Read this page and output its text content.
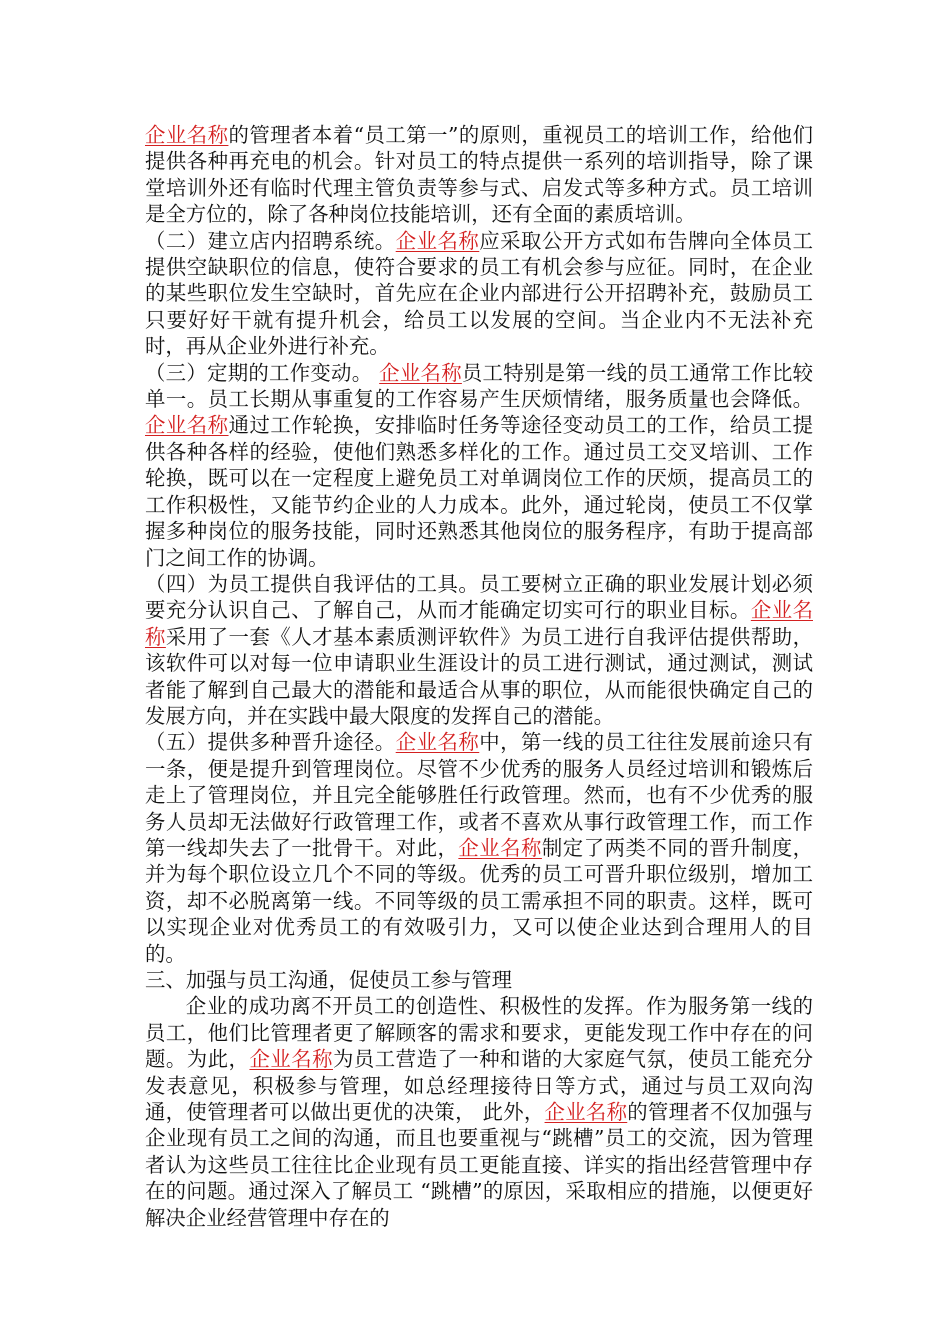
企业名称的管理者本着“员工第一”的原则，重视员工的培训工作，给他们提供各种再充电的机会。针对员工的特点提供一系列的培训指导，除了课堂培训外还有临时代理主管负责等参与式、启发式等多种方式。员工培训是全方位的，除了各种岗位技能培训，还有全面的素质培训。

（二）建立店内招聘系统。企业名称应采取公开方式如布告牌向全体员工提供空缺职位的信息，使符合要求的员工有机会参与应征。同时，在企业的某些职位发生空缺时，首先应在企业内部进行公开招聘补充，鼓励员工只要好好干就有提升机会，给员工以发展的空间。当企业内不无法补充时，再从企业外进行补充。

（三）定期的工作变动。 企业名称员工特别是第一线的员工通常工作比较单一。员工长期从事重复的工作容易产生厌烦情绪，服务质量也会降低。企业名称通过工作轮换，安排临时任务等途径变动员工的工作，给员工提供各种各样的经验，使他们熟悉多样化的工作。通过员工交叉培训、工作轮换，既可以在一定程度上避免员工对单调岗位工作的厌烦，提高员工的工作积极性，又能节约企业的人力成本。此外，通过轮岗，使员工不仅掌握多种岗位的服务技能，同时还熟悉其他岗位的服务程序，有助于提高部门之间工作的协调。

（四）为员工提供自我评估的工具。员工要树立正确的职业发展计划必须要充分认识自己、了解自己，从而才能确定切实可行的职业目标。企业名称采用了一套《人才基本素质测评软件》为员工进行自我评估提供帮助，该软件可以对每一位申请职业生涯设计的员工进行测试，通过测试，测试者能了解到自己最大的潜能和最适合从事的职位，从而能很快确定自己的发展方向，并在实践中最大限度的发挥自己的潜能。

（五）提供多种晋升途径。企业名称中，第一线的员工往往发展前途只有一条，便是提升到管理岗位。尽管不少优秀的服务人员经过培训和锻炼后走上了管理岗位，并且完全能够胜任行政管理。然而，也有不少优秀的服务人员却无法做好行政管理工作，或者不喜欢从事行政管理工作，而工作第一线却失去了一批骨干。对此，企业名称制定了两类不同的晋升制度，并为每个职位设立几个不同的等级。优秀的员工可晋升职位级别，增加工资，却不必脱离第一线。不同等级的员工需承担不同的职责。这样，既可以实现企业对优秀员工的有效吸引力，又可以使企业达到合理用人的目的。

三、加强与员工沟通，促使员工参与管理

企业的成功离不开员工的创造性、积极性的发挥。作为服务第一线的员工，他们比管理者更了解顾客的需求和要求，更能发现工作中存在的问题。为此，企业名称为员工营造了一种和谐的大家庭气氛，使员工能充分发表意见，积极参与管理，如总经理接待日等方式，通过与员工双向沟通，使管理者可以做出更优的决策， 此外，企业名称的管理者不仅加强与企业现有员工之间的沟通，而且也要重视与“跳槽”员工的交流，因为管理者认为这些员工往往比企业现有员工更能直接、详实的指出经营管理中存在的问题。通过深入了解员工 “跳槽”的原因，采取相应的措施，以便更好解决企业经营管理中存在的
